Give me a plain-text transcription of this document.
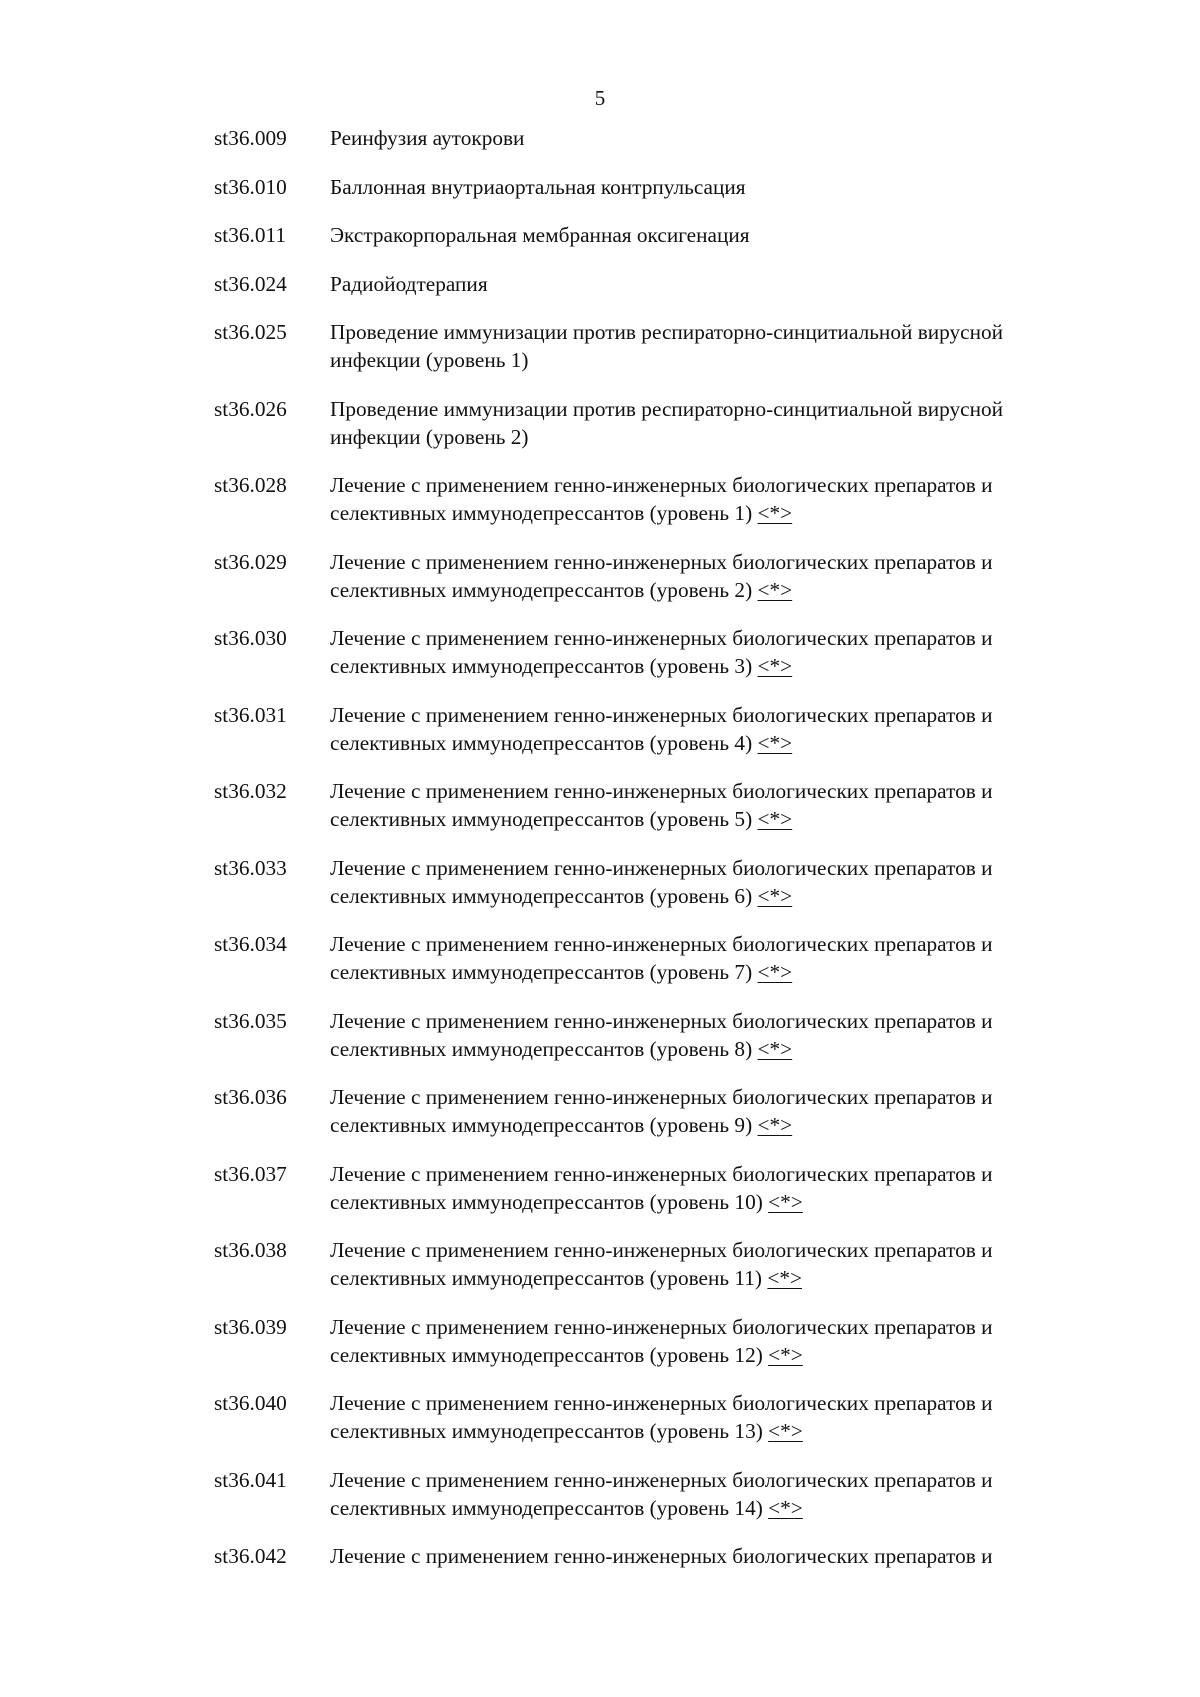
5
st36.009	Реинфузия аутокрови
st36.010	Баллонная внутриаортальная контрпульсация
st36.011	Экстракорпоральная мембранная оксигенация
st36.024	Радиойодтерапия
st36.025	Проведение иммунизации против респираторно-синцитиальной вирусной
инфекции (уровень 1)
st36.026	Проведение иммунизации против респираторно-синцитиальной вирусной
инфекции (уровень 2)
st36.028	Лечение с применением генно-инженерных биологических препаратов и
селективных иммунодепрессантов (уровень 1) <*>
st36.029	Лечение с применением генно-инженерных биологических препаратов и
селективных иммунодепрессантов (уровень 2) <*>
st36.030	Лечение с применением генно-инженерных биологических препаратов и
селективных иммунодепрессантов (уровень 3) <*>
st36.031	Лечение с применением генно-инженерных биологических препаратов и
селективных иммунодепрессантов (уровень 4) <*>
st36.032	Лечение с применением генно-инженерных биологических препаратов и
селективных иммунодепрессантов (уровень 5) <*>
st36.033	Лечение с применением генно-инженерных биологических препаратов и
селективных иммунодепрессантов (уровень 6) <*>
st36.034	Лечение с применением генно-инженерных биологических препаратов и
селективных иммунодепрессантов (уровень 7) <*>
st36.035	Лечение с применением генно-инженерных биологических препаратов и
селективных иммунодепрессантов (уровень 8) <*>
st36.036	Лечение с применением генно-инженерных биологических препаратов и
селективных иммунодепрессантов (уровень 9) <*>
st36.037	Лечение с применением генно-инженерных биологических препаратов и
селективных иммунодепрессантов (уровень 10) <*>
st36.038	Лечение с применением генно-инженерных биологических препаратов и
селективных иммунодепрессантов (уровень 11) <*>
st36.039	Лечение с применением генно-инженерных биологических препаратов и
селективных иммунодепрессантов (уровень 12) <*>
st36.040	Лечение с применением генно-инженерных биологических препаратов и
селективных иммунодепрессантов (уровень 13) <*>
st36.041	Лечение с применением генно-инженерных биологических препаратов и
селективных иммунодепрессантов (уровень 14) <*>
st36.042	Лечение с применением генно-инженерных биологических препаратов и
